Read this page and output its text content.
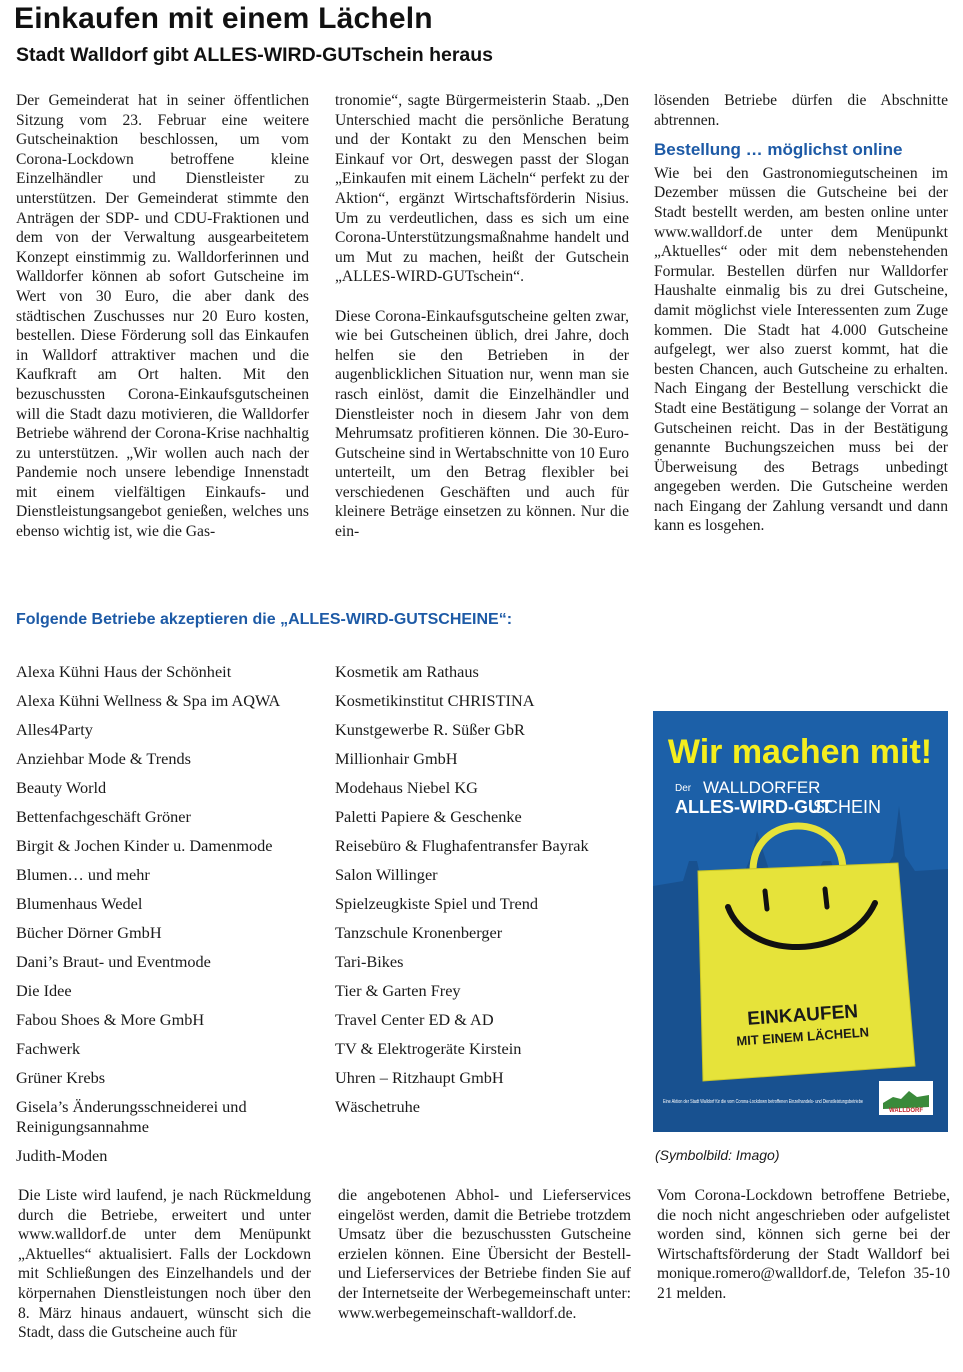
Einkaufen mit einem Lächeln
Stadt Walldorf gibt ALLES-WIRD-GUTschein heraus

Der Gemeinderat hat in seiner öffentlichen Sitzung vom 23. Februar eine weitere Gutscheinaktion beschlossen, um vom Corona-Lockdown betroffene kleine Einzelhändler und Dienstleister zu unterstützen. Der Gemeinderat stimmte den Anträgen der SDP- und CDU-Fraktionen und dem von der Verwaltung ausgearbeitetem Konzept einstimmig zu. Walldorferinnen und Walldorfer können ab sofort Gutscheine im Wert von 30 Euro, die aber dank des städtischen Zuschusses nur 20 Euro kosten, bestellen. Diese Förderung soll das Einkaufen in Walldorf attraktiver machen und die Kaufkraft am Ort halten. Mit den bezuschussten Corona-Einkaufsgutscheinen will die Stadt dazu motivieren, die Walldorfer Betriebe während der Corona-Krise nachhaltig zu unterstützen. „Wir wollen auch nach der Pandemie noch unsere lebendige Innenstadt mit einem vielfältigen Einkaufs- und Dienstleistungsangebot genießen, welches uns ebenso wichtig ist, wie die Gas-

tronomie“, sagte Bürgermeisterin Staab. „Den Unterschied macht die persönliche Beratung und der Kontakt zu den Menschen beim Einkauf vor Ort, deswegen passt der Slogan „Einkaufen mit einem Lächeln“ perfekt zu der Aktion“, ergänzt Wirtschaftsförderin Nisius. Um zu verdeutlichen, dass es sich um eine Corona-Unterstützungsmaßnahme handelt und um Mut zu machen, heißt der Gutschein „ALLES-WIRD-GUTschein“.

Diese Corona-Einkaufsgutscheine gelten zwar, wie bei Gutscheinen üblich, drei Jahre, doch helfen sie den Betrieben in der augenblicklichen Situation nur, wenn man sie rasch einlöst, damit die Einzelhändler und Dienstleister noch in diesem Jahr von dem Mehrumsatz profitieren können. Die 30-Euro-Gutscheine sind in Wertabschnitte von 10 Euro unterteilt, um den Betrag flexibler bei verschiedenen Geschäften und auch für kleinere Beträge einsetzen zu können. Nur die ein-

lösenden Betriebe dürfen die Abschnitte abtrennen.

Bestellung … möglichst online

Wie bei den Gastronomiegutscheinen im Dezember müssen die Gutscheine bei der Stadt bestellt werden, am besten online unter www.walldorf.de unter dem Menüpunkt „Aktuelles“ oder mit dem nebenstehenden Formular. Bestellen dürfen nur Walldorfer Haushalte einmalig bis zu drei Gutscheine, damit möglichst viele Interessenten zum Zuge kommen. Die Stadt hat 4.000 Gutscheine aufgelegt, wer also zuerst kommt, hat die besten Chancen, auch Gutscheine zu erhalten. Nach Eingang der Bestellung verschickt die Stadt eine Bestätigung – solange der Vorrat an Gutscheinen reicht. Das in der Bestätigung genannte Buchungszeichen muss bei der Überweisung des Betrags unbedingt angegeben werden. Die Gutscheine werden nach Eingang der Zahlung versandt und dann kann es losgehen.

Folgende Betriebe akzeptieren die „ALLES-WIRD-GUTSCHEINE“:
Alexa Kühni Haus der Schönheit
Alexa Kühni Wellness & Spa im AQWA
Alles4Party
Anziehbar Mode & Trends
Beauty World
Bettenfachgeschäft Gröner
Birgit & Jochen Kinder u. Damenmode
Blumen… und mehr
Blumenhaus Wedel
Bücher Dörner GmbH
Dani’s Braut- und Eventmode
Die Idee
Fabou Shoes & More GmbH
Fachwerk
Grüner Krebs
Gisela’s Änderungsschneiderei und Reinigungsannahme
Judith-Moden
Kosmetik am Rathaus
Kosmetikinstitut CHRISTINA
Kunstgewerbe R. Süßer GbR
Millionhair GmbH
Modehaus Niebel KG
Paletti Papiere & Geschenke
Reisebüro & Flughafentransfer Bayrak
Salon Willinger
Spielzeugkiste Spiel und Trend
Tanzschule Kronenberger
Tari-Bikes
Tier & Garten Frey
Travel Center ED & AD
TV & Elektrogeräte Kirstein
Uhren – Ritzhaupt GmbH
Wäschetruhe
Wir machen mit!
Der WALLDORFER
ALLES-WIRD-GUT
SCHEIN
EINKAUFEN
MIT EINEM LÄCHELN
Eine Aktion der Stadt Walldorf für die vom Corona-Lockdown betroffenen Einzelhandels- und Dienstleistungsbetriebe
WALLDORF
(Symbolbild: Imago)

Die Liste wird laufend, je nach Rückmeldung durch die Betriebe, erweitert und unter www.walldorf.de unter dem Menüpunkt „Aktuelles“ aktualisiert. Falls der Lockdown mit Schließungen des Einzelhandels und der körpernahen Dienstleistungen noch über den 8. März hinaus andauert, wünscht sich die Stadt, dass die Gutscheine auch für

die angebotenen Abhol- und Lieferservices eingelöst werden, damit die Betriebe trotzdem Umsatz über die bezuschussten Gutscheine erzielen können. Eine Übersicht der Bestell- und Lieferservices der Betriebe finden Sie auf der Internetseite der Werbegemeinschaft unter: www.werbegemeinschaft-walldorf.de.

Vom Corona-Lockdown betroffene Betriebe, die noch nicht angeschrieben oder aufgelistet worden sind, können sich gerne bei der Wirtschaftsförderung der Stadt Walldorf bei monique.romero@walldorf.de, Telefon 35-10 21 melden.
